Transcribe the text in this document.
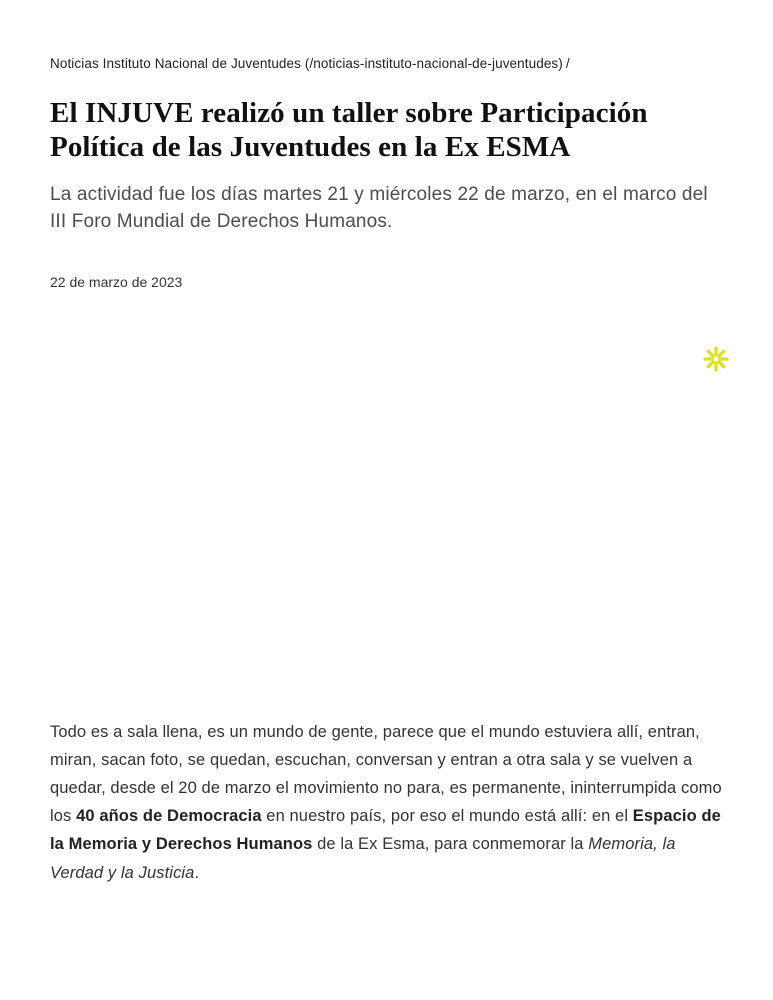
Noticias Instituto Nacional de Juventudes (/noticias-instituto-nacional-de-juventudes) /
El INJUVE realizó un taller sobre Participación Política de las Juventudes en la Ex ESMA

La actividad fue los días martes 21 y miércoles 22 de marzo, en el marco del III Foro Mundial de Derechos Humanos.

22 de marzo de 2023

Todo es a sala llena, es un mundo de gente, parece que el mundo estuviera allí, entran, miran, sacan foto, se quedan, escuchan, conversan y entran a otra sala y se vuelven a quedar, desde el 20 de marzo el movimiento no para, es permanente, ininterrumpida como los 40 años de Democracia en nuestro país, por eso el mundo está allí: en el Espacio de la Memoria y Derechos Humanos de la Ex Esma, para conmemorar la Memoria, la Verdad y la Justicia.
